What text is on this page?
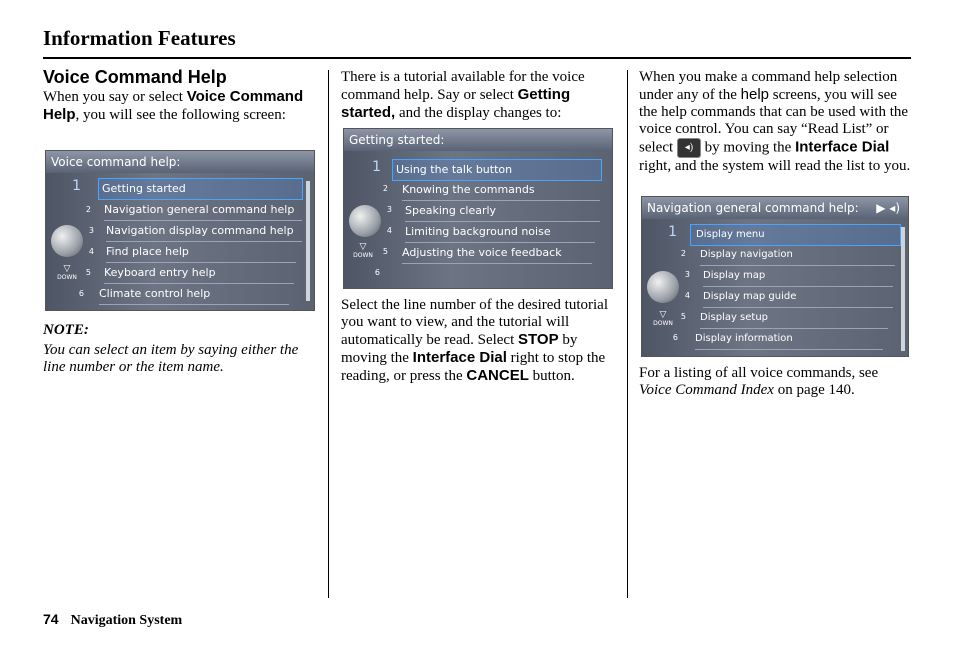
Information Features
Voice Command Help

When you say or select Voice Command Help, you will see the following screen:

Voice command help:
▽
DOWN
1
2
3
4
5
6
Getting started
Navigation general command help
Navigation display command help
Find place help
Keyboard entry help
Climate control help

NOTE:

You can select an item by saying either the line number or the item name.

There is a tutorial available for the voice command help. Say or select Getting started, and the display changes to:

Getting started:
▽
DOWN
1
2
3
4
5
6
Using the talk button
Knowing the commands
Speaking clearly
Limiting background noise
Adjusting the voice feedback

Select the line number of the desired tutorial you want to view, and the tutorial will automatically be read. Select STOP by moving the Interface Dial right to stop the reading, or press the CANCEL button.

When you make a command help selection under any of the help screens, you will see the help commands that can be used with the voice control. You can say “Read List” or select ◂) by moving the Interface Dial right, and the system will read the list to you.

Navigation general command help: ▶ ◂)
▽
DOWN
1
2
3
4
5
6
Display menu
Display navigation
Display map
Display map guide
Display setup
Display information

For a listing of all voice commands, see Voice Command Index on page 140.

74 Navigation System
